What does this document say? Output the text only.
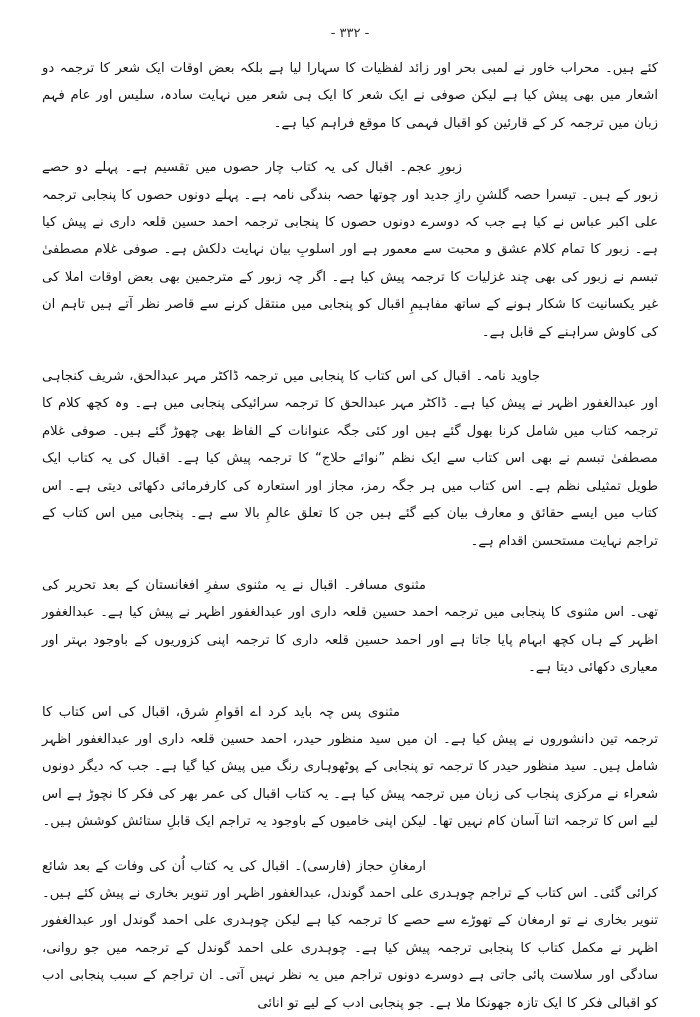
- ۳۳۲ -

کئے ہیں۔ محراب خاور نے لمبی بحر اور زائد لفظیات کا سہارا لیا ہے بلکہ بعض اوقات ایک شعر کا ترجمہ دو اشعار میں بھی پیش کیا ہے لیکن صوفی نے ایک شعر کا ایک ہی شعر میں نہایت سادہ، سلیس اور عام فہم زبان میں ترجمہ کر کے قارئین کو اقبال فہمی کا موقع فراہم کیا ہے۔

زبورِ عجم۔ اقبال کی یہ کتاب چار حصوں میں تقسیم ہے۔ پہلے دو حصے زبور کے ہیں۔ تیسرا حصہ گلشنِ رازِ جدید اور چوتھا حصہ بندگی نامہ ہے۔ پہلے دونوں حصوں کا پنجابی ترجمہ علی اکبر عباس نے کیا ہے جب کہ دوسرے دونوں حصوں کا پنجابی ترجمہ احمد حسین قلعہ داری نے پیش کیا ہے۔ زبور کا تمام کلام عشق و محبت سے معمور ہے اور اسلوبِ بیان نہایت دلکش ہے۔ صوفی غلام مصطفیٰ تبسم نے زبور کی بھی چند غزلیات کا ترجمہ پیش کیا ہے۔ اگر چہ زبور کے مترجمین بھی بعض اوقات املا کی غیر یکسانیت کا شکار ہونے کے ساتھ مفاہیمِ اقبال کو پنجابی میں منتقل کرنے سے قاصر نظر آتے ہیں تاہم ان کی کاوش سراہنے کے قابل ہے۔

جاوید نامہ۔ اقبال کی اس کتاب کا پنجابی میں ترجمہ ڈاکٹر مہر عبدالحق، شریف کنجاہی اور عبدالغفور اظہر نے پیش کیا ہے۔ ڈاکٹر مہر عبدالحق کا ترجمہ سرائیکی پنجابی میں ہے۔ وہ کچھ کلام کا ترجمہ کتاب میں شامل کرنا بھول گئے ہیں اور کئی جگہ عنوانات کے الفاظ بھی چھوڑ گئے ہیں۔ صوفی غلام مصطفیٰ تبسم نے بھی اس کتاب سے ایک نظم ”نوائے حلاج“ کا ترجمہ پیش کیا ہے۔ اقبال کی یہ کتاب ایک طویل تمثیلی نظم ہے۔ اس کتاب میں ہر جگہ رمز، مجاز اور استعارہ کی کارفرمائی دکھائی دیتی ہے۔ اس کتاب میں ایسے حقائق و معارف بیان کیے گئے ہیں جن کا تعلق عالمِ بالا سے ہے۔ پنجابی میں اس کتاب کے تراجم نہایت مستحسن اقدام ہے۔

مثنوی مسافر۔ اقبال نے یہ مثنوی سفرِ افغانستان کے بعد تحریر کی تھی۔ اس مثنوی کا پنجابی میں ترجمہ احمد حسین قلعہ داری اور عبدالغفور اظہر نے پیش کیا ہے۔ عبدالغفور اظہر کے ہاں کچھ ابہام پایا جاتا ہے اور احمد حسین قلعہ داری کا ترجمہ اپنی کزوریوں کے باوجود بہتر اور معیاری دکھائی دیتا ہے۔

مثنوی پس چہ باید کرد اے اقوامِ شرق، اقبال کی اس کتاب کا ترجمہ تین دانشوروں نے پیش کیا ہے۔ ان میں سید منظور حیدر، احمد حسین قلعہ داری اور عبدالغفور اظہر شامل ہیں۔ سید منظور حیدر کا ترجمہ تو پنجابی کے پوٹھوہاری رنگ میں پیش کیا گیا ہے۔ جب کہ دیگر دونوں شعراء نے مرکزی پنجاب کی زبان میں ترجمہ پیش کیا ہے۔ یہ کتاب اقبال کی عمر بھر کی فکر کا نچوڑ ہے اس لیے اس کا ترجمہ اتنا آسان کام نہیں تھا۔ لیکن اپنی خامیوں کے باوجود یہ تراجم ایک قابلِ ستائش کوشش ہیں۔

ارمغانِ حجاز (فارسی)۔ اقبال کی یہ کتاب اُن کی وفات کے بعد شائع کرائی گئی۔ اس کتاب کے تراجم چوہدری علی احمد گوندل، عبدالغفور اظہر اور تنویر بخاری نے پیش کئے ہیں۔ تنویر بخاری نے تو ارمغان کے تھوڑے سے حصے کا ترجمہ کیا ہے لیکن چوہدری علی احمد گوندل اور عبدالغفور اظہر نے مکمل کتاب کا پنجابی ترجمہ پیش کیا ہے۔ چوہدری علی احمد گوندل کے ترجمہ میں جو روانی، سادگی اور سلاست پائی جاتی ہے دوسرے دونوں تراجم میں یہ نظر نہیں آتی۔ ان تراجم کے سبب پنجابی ادب کو اقبالی فکر کا ایک تازہ جھونکا ملا ہے۔ جو پنجابی ادب کے لیے تو انائی
